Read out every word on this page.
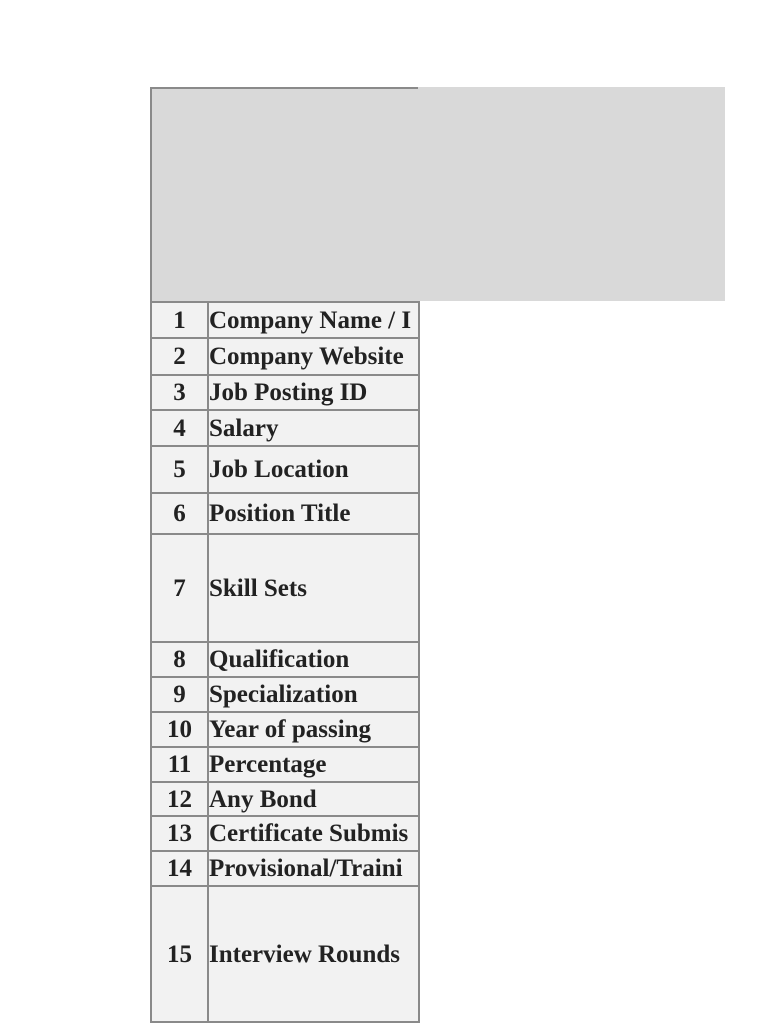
1	Company Name / I
2	Company Website
3	Job Posting ID
4	Salary
5	Job Location
6	Position Title
7	Skill Sets
8	Qualification
9	Specialization
10	Year of passing
11	Percentage
12	Any Bond
13	Certificate Submis
14	Provisional/Traini
15	Interview Rounds
